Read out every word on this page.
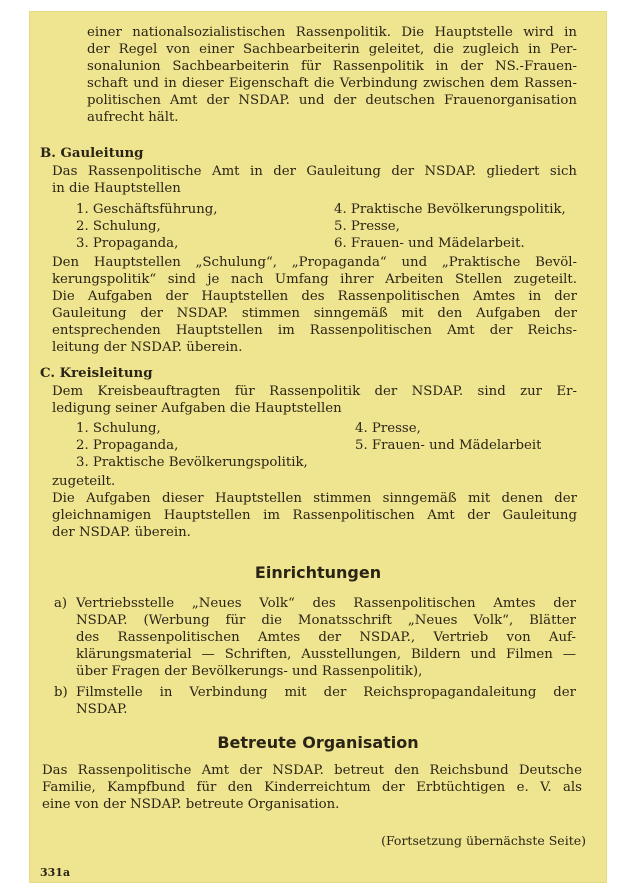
einer nationalsozialistischen Rassenpolitik. Die Hauptstelle wird in
der Regel von einer Sachbearbeiterin geleitet, die zugleich in Per-
sonalunion Sachbearbeiterin für Rassenpolitik in der NS.-Frauen-
schaft und in dieser Eigenschaft die Verbindung zwischen dem Rassen-
politischen Amt der NSDAP. und der deutschen Frauenorganisation
aufrecht hält.
B. Gauleitung
Das Rassenpolitische Amt in der Gauleitung der NSDAP. gliedert sich
in die Hauptstellen
1. Geschäftsführung,
2. Schulung,
3. Propaganda,
4. Praktische Bevölkerungspolitik,
5. Presse,
6. Frauen- und Mädelarbeit.
Den Hauptstellen „Schulung“, „Propaganda“ und „Praktische Bevöl-
kerungspolitik“ sind je nach Umfang ihrer Arbeiten Stellen zugeteilt.
Die Aufgaben der Hauptstellen des Rassenpolitischen Amtes in der
Gauleitung der NSDAP. stimmen sinngemäß mit den Aufgaben der
entsprechenden Hauptstellen im Rassenpolitischen Amt der Reichs-
leitung der NSDAP. überein.
C. Kreisleitung
Dem Kreisbeauftragten für Rassenpolitik der NSDAP. sind zur Er-
ledigung seiner Aufgaben die Hauptstellen
1. Schulung,
2. Propaganda,
3. Praktische Bevölkerungspolitik,
4. Presse,
5. Frauen- und Mädelarbeit
zugeteilt.
Die Aufgaben dieser Hauptstellen stimmen sinngemäß mit denen der
gleichnamigen Hauptstellen im Rassenpolitischen Amt der Gauleitung
der NSDAP. überein.
Einrichtungen
a) Vertriebsstelle „Neues Volk“ des Rassenpolitischen Amtes der
NSDAP. (Werbung für die Monatsschrift „Neues Volk“, Blätter
des Rassenpolitischen Amtes der NSDAP., Vertrieb von Auf-
klärungsmaterial — Schriften, Ausstellungen, Bildern und Filmen —
über Fragen der Bevölkerungs- und Rassenpolitik),
b) Filmstelle in Verbindung mit der Reichspropagandaleitung der
NSDAP.
Betreute Organisation
Das Rassenpolitische Amt der NSDAP. betreut den Reichsbund Deutsche
Familie, Kampfbund für den Kinderreichtum der Erbtüchtigen e. V. als
eine von der NSDAP. betreute Organisation.
(Fortsetzung übernächste Seite)
331a
